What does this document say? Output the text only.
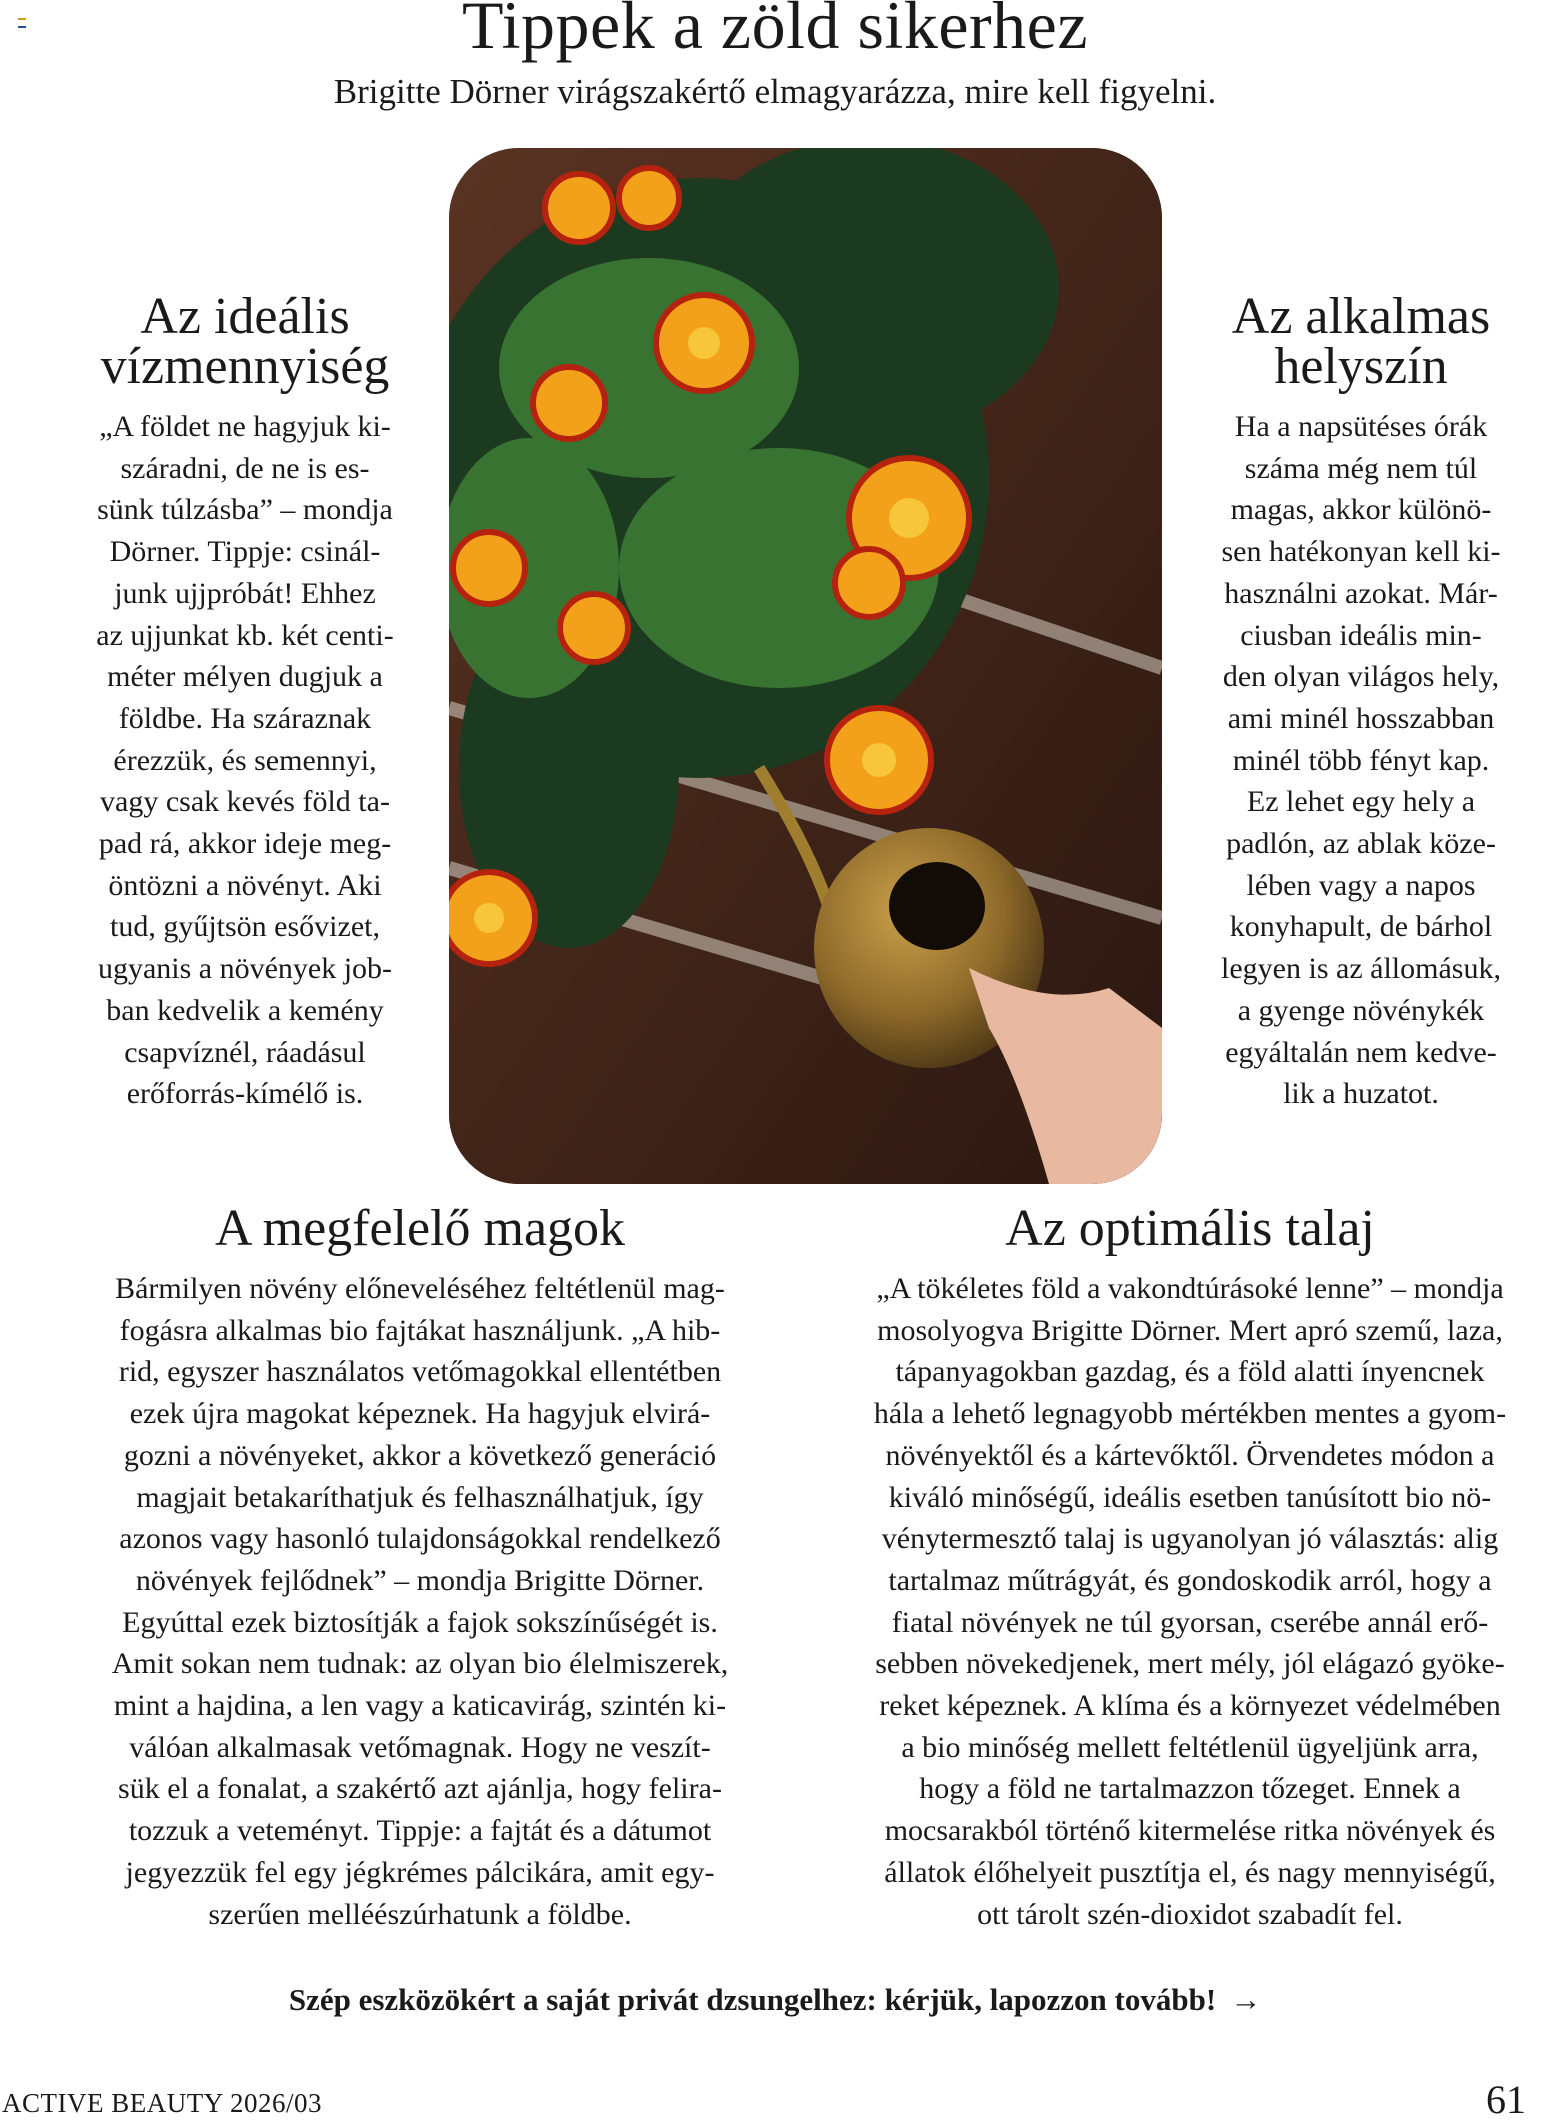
Tippek a zöld sikerhez
Brigitte Dörner virágszakértő elmagyarázza, mire kell figyelni.
Az ideális
vízmennyiség
„A földet ne hagyjuk ki-
száradni, de ne is es-
sünk túlzásba” – mondja
Dörner. Tippje: csinál-
junk ujjpróbát! Ehhez
az ujjunkat kb. két centi-
méter mélyen dugjuk a
földbe. Ha száraznak
érezzük, és semennyi,
vagy csak kevés föld ta-
pad rá, akkor ideje meg-
öntözni a növényt. Aki
tud, gyűjtsön esővizet,
ugyanis a növények job-
ban kedvelik a kemény
csapvíznél, ráadásul
erőforrás-kímélő is.
Az alkalmas
helyszín
Ha a napsütéses órák
száma még nem túl
magas, akkor különö-
sen hatékonyan kell ki-
használni azokat. Már-
ciusban ideális min-
den olyan világos hely,
ami minél hosszabban
minél több fényt kap.
Ez lehet egy hely a
padlón, az ablak köze-
lében vagy a napos
konyhapult, de bárhol
legyen is az állomásuk,
a gyenge növénykék
egyáltalán nem kedve-
lik a huzatot.
A megfelelő magok
Bármilyen növény előneveléséhez feltétlenül mag-
fogásra alkalmas bio fajtákat használjunk. „A hib-
rid, egyszer használatos vetőmagokkal ellentétben
ezek újra magokat képeznek. Ha hagyjuk elvirá-
gozni a növényeket, akkor a következő generáció
magjait betakaríthatjuk és felhasználhatjuk, így
azonos vagy hasonló tulajdonságokkal rendelkező
növények fejlődnek” – mondja Brigitte Dörner.
Egyúttal ezek biztosítják a fajok sokszínűségét is.
Amit sokan nem tudnak: az olyan bio élelmiszerek,
mint a hajdina, a len vagy a katicavirág, szintén ki-
válóan alkalmasak vetőmagnak. Hogy ne veszít-
sük el a fonalat, a szakértő azt ajánlja, hogy felira-
tozzuk a veteményt. Tippje: a fajtát és a dátumot
jegyezzük fel egy jégkrémes pálcikára, amit egy-
szerűen melléészúrhatunk a földbe.
Az optimális talaj
„A tökéletes föld a vakondtúrásoké lenne” – mondja
mosolyogva Brigitte Dörner. Mert apró szemű, laza,
tápanyagokban gazdag, és a föld alatti ínyencnek
hála a lehető legnagyobb mértékben mentes a gyom-
növényektől és a kártevőktől. Örvendetes módon a
kiváló minőségű, ideális esetben tanúsított bio nö-
vénytermesztő talaj is ugyanolyan jó választás: alig
tartalmaz műtrágyát, és gondoskodik arról, hogy a
fiatal növények ne túl gyorsan, cserébe annál erő-
sebben növekedjenek, mert mély, jól elágazó gyöke-
reket képeznek. A klíma és a környezet védelmében
a bio minőség mellett feltétlenül ügyeljünk arra,
hogy a föld ne tartalmazzon tőzeget. Ennek a
mocsarakból történő kitermelése ritka növények és
állatok élőhelyeit pusztítja el, és nagy mennyiségű,
ott tárolt szén-dioxidot szabadít fel.
Szép eszközökért a saját privát dzsungelhez: kérjük, lapozzon tovább! →
ACTIVE BEAUTY 2026/03	61
